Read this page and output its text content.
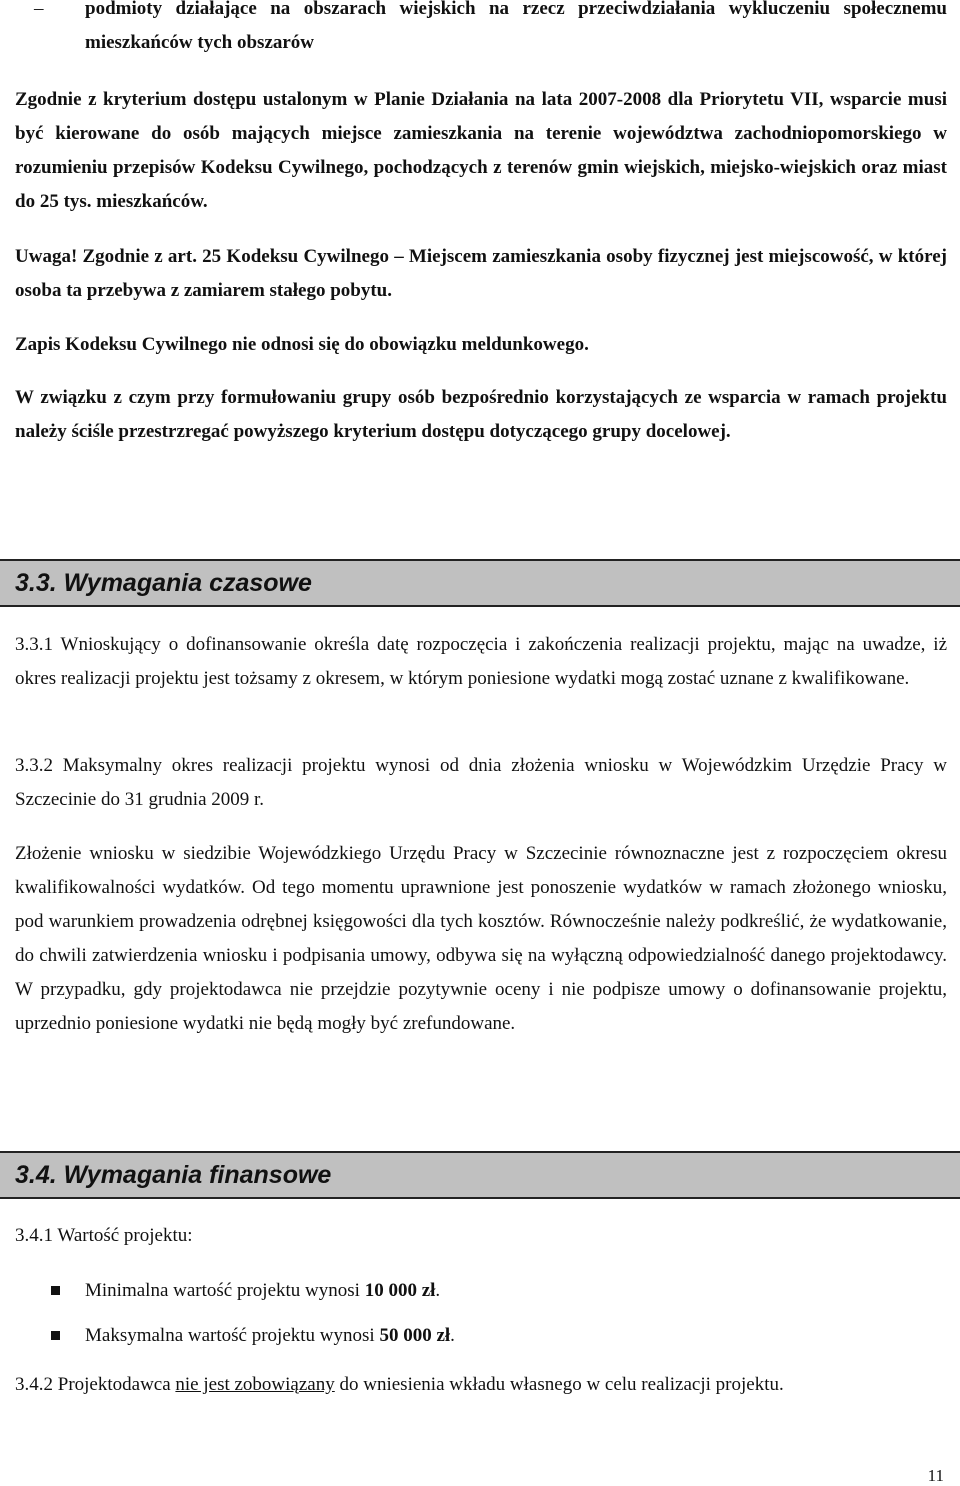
–	podmioty działające na obszarach wiejskich na rzecz przeciwdziałania wykluczeniu społecznemu mieszkańców tych obszarów

Zgodnie z kryterium dostępu ustalonym w Planie Działania na lata 2007-2008 dla Priorytetu VII, wsparcie musi być kierowane do osób mających miejsce zamieszkania na terenie województwa zachodniopomorskiego w rozumieniu przepisów Kodeksu Cywilnego, pochodzących z terenów gmin wiejskich, miejsko-wiejskich oraz miast do 25 tys. mieszkańców.

Uwaga! Zgodnie z art. 25 Kodeksu Cywilnego – Miejscem zamieszkania osoby fizycznej jest miejscowość, w której osoba ta przebywa z zamiarem stałego pobytu.

Zapis Kodeksu Cywilnego nie odnosi się do obowiązku meldunkowego.

W związku z czym przy formułowaniu grupy osób bezpośrednio korzystających ze wsparcia w ramach projektu należy ściśle przestrzregać powyższego kryterium dostępu dotyczącego grupy docelowej.

3.3. Wymagania czasowe

3.3.1 Wnioskujący o dofinansowanie określa datę rozpoczęcia i zakończenia realizacji projektu, mając na uwadze, iż okres realizacji projektu jest tożsamy z okresem, w którym poniesione wydatki mogą zostać uznane z kwalifikowane.

3.3.2 Maksymalny okres realizacji projektu wynosi od dnia złożenia wniosku w Wojewódzkim Urzędzie Pracy w Szczecinie do 31 grudnia 2009 r.

Złożenie wniosku w siedzibie Wojewódzkiego Urzędu Pracy w Szczecinie równoznaczne jest z rozpoczęciem okresu kwalifikowalności wydatków. Od tego momentu uprawnione jest ponoszenie wydatków w ramach złożonego wniosku, pod warunkiem prowadzenia odrębnej księgowości dla tych kosztów. Równocześnie należy podkreślić, że wydatkowanie, do chwili zatwierdzenia wniosku i podpisania umowy, odbywa się na wyłączną odpowiedzialność danego projektodawcy. W przypadku, gdy projektodawca nie przejdzie pozytywnie oceny i nie podpisze umowy o dofinansowanie projektu, uprzednio poniesione wydatki nie będą mogły być zrefundowane.

3.4. Wymagania finansowe

3.4.1 Wartość projektu:

Minimalna wartość projektu wynosi 10 000 zł.
Maksymalna wartość projektu wynosi 50 000 zł.

3.4.2 Projektodawca nie jest zobowiązany do wniesienia wkładu własnego w celu realizacji projektu.

11
